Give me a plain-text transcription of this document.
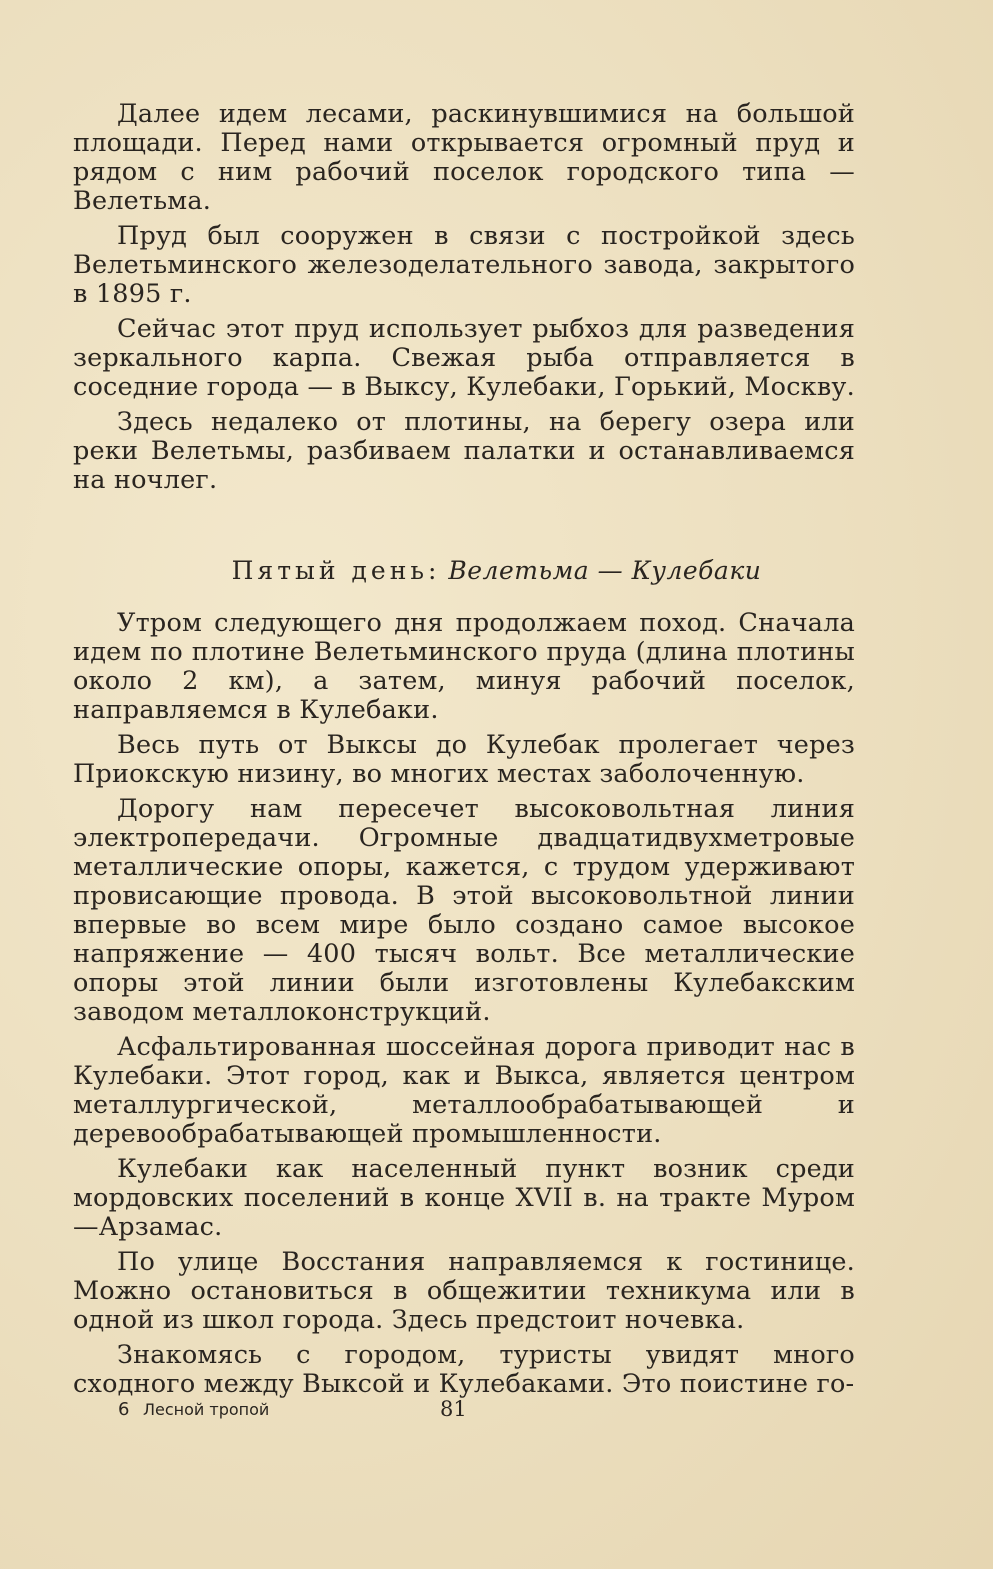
Далее идем лесами, раскинувшимися на большой площади. Перед нами открывается огромный пруд и рядом с ним рабочий поселок городского типа — Велетьма.

Пруд был сооружен в связи с постройкой здесь Велетьминского железоделательного завода, закрытого в 1895 г.

Сейчас этот пруд использует рыбхоз для разведения зеркального карпа. Свежая рыба отправляется в соседние города — в Выксу, Кулебаки, Горький, Москву.

Здесь недалеко от плотины, на берегу озера или реки Велетьмы, разбиваем палатки и останавливаемся на ночлег.

Пятый день: Велетьма — Кулебаки

Утром следующего дня продолжаем поход. Сначала идем по плотине Велетьминского пруда (длина плотины около 2 км), а затем, минуя рабочий поселок, направляемся в Кулебаки.

Весь путь от Выксы до Кулебак пролегает через Приокскую низину, во многих местах заболоченную.

Дорогу нам пересечет высоковольтная линия электропередачи. Огромные двадцатидвухметровые металлические опоры, кажется, с трудом удерживают провисающие провода. В этой высоковольтной линии впервые во всем мире было создано самое высокое напряжение — 400 тысяч вольт. Все металлические опоры этой линии были изготовлены Кулебакским заводом металлоконструкций.

Асфальтированная шоссейная дорога приводит нас в Кулебаки. Этот город, как и Выкса, является центром металлургической, металлообрабатывающей и деревообрабатывающей промышленности.

Кулебаки как населенный пункт возник среди мордовских поселений в конце XVII в. на тракте Муром—Арзамас.

По улице Восстания направляемся к гостинице. Можно остановиться в общежитии техникума или в одной из школ города. Здесь предстоит ночевка.

Знакомясь с городом, туристы увидят много сходного между Выксой и Кулебаками. Это поистине го-

6 Лесной тропой	81
